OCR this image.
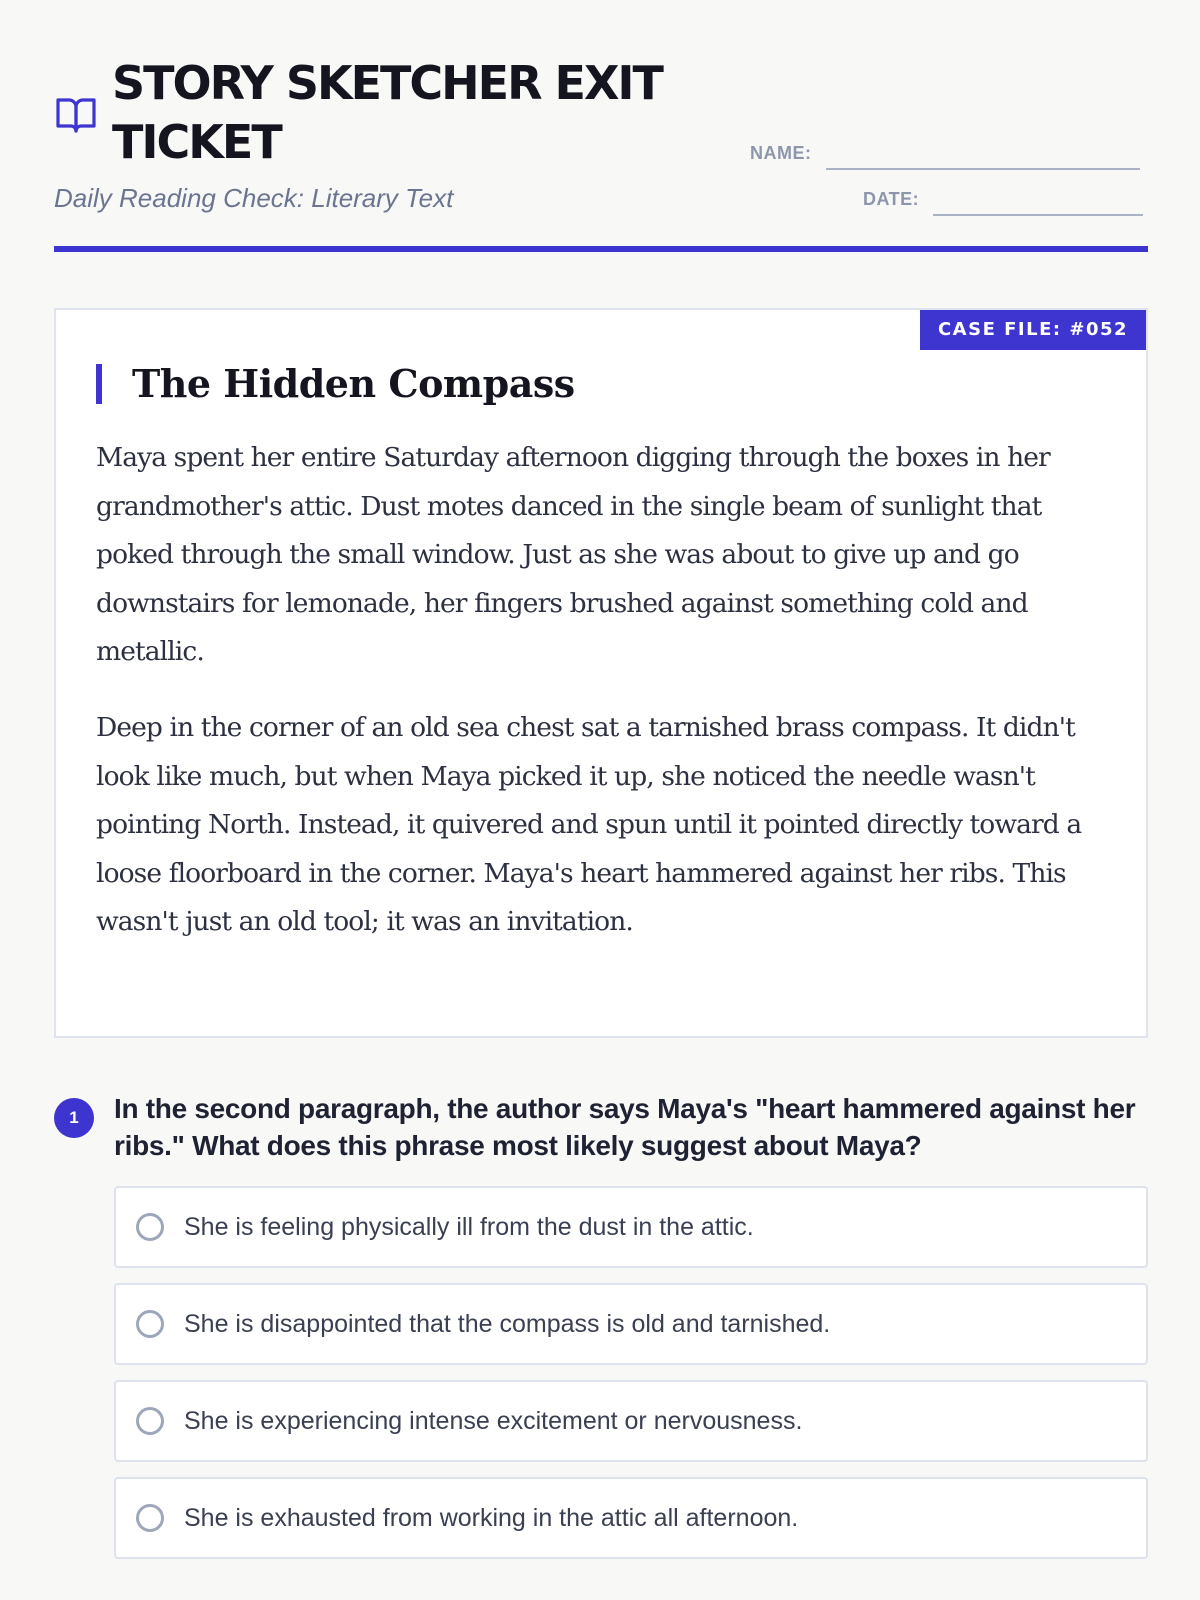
STORY SKETCHER EXIT TICKET
Daily Reading Check: Literary Text
NAME:
DATE:
CASE FILE: #052
The Hidden Compass

Maya spent her entire Saturday afternoon digging through the boxes in her grandmother's attic. Dust motes danced in the single beam of sunlight that poked through the small window. Just as she was about to give up and go downstairs for lemonade, her fingers brushed against something cold and metallic.

Deep in the corner of an old sea chest sat a tarnished brass compass. It didn't look like much, but when Maya picked it up, she noticed the needle wasn't pointing North. Instead, it quivered and spun until it pointed directly toward a loose floorboard in the corner. Maya's heart hammered against her ribs. This wasn't just an old tool; it was an invitation.

1	In the second paragraph, the author says Maya's "heart hammered against her ribs." What does this phrase most likely suggest about Maya?

She is feeling physically ill from the dust in the attic.
She is disappointed that the compass is old and tarnished.
She is experiencing intense excitement or nervousness.
She is exhausted from working in the attic all afternoon.
